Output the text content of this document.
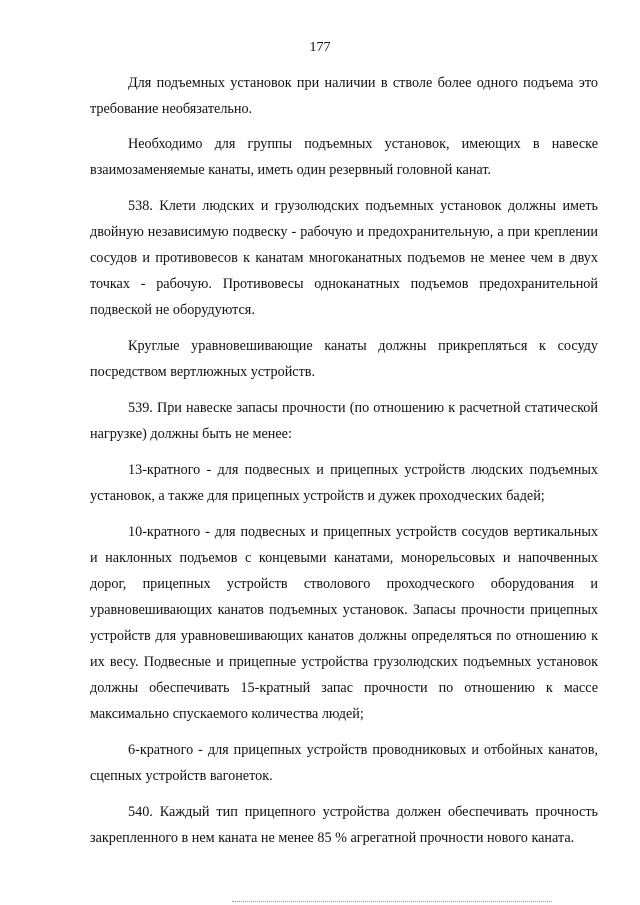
177

Для подъемных установок при наличии в стволе более одного подъема это требование необязательно.

Необходимо для группы подъемных установок, имеющих в навеске взаимозаменяемые канаты, иметь один резервный головной канат.

538. Клети людских и грузолюдских подъемных установок должны иметь двойную независимую подвеску - рабочую и предохранительную, а при креплении сосудов и противовесов к канатам многоканатных подъемов не менее чем в двух точках - рабочую. Противовесы одноканатных подъемов предохранительной подвеской не оборудуются.

Круглые уравновешивающие канаты должны прикрепляться к сосуду посредством вертлюжных устройств.

539. При навеске запасы прочности (по отношению к расчетной статической нагрузке) должны быть не менее:

13-кратного - для подвесных и прицепных устройств людских подъемных установок, а также для прицепных устройств и дужек проходческих бадей;

10-кратного - для подвесных и прицепных устройств сосудов вертикальных и наклонных подъемов с концевыми канатами, монорельсовых и напочвенных дорог, прицепных устройств стволового проходческого оборудования и уравновешивающих канатов подъемных установок. Запасы прочности прицепных устройств для уравновешивающих канатов должны определяться по отношению к их весу. Подвесные и прицепные устройства грузолюдских подъемных установок должны обеспечивать 15-кратный запас прочности по отношению к массе максимально спускаемого количества людей;

6-кратного - для прицепных устройств проводниковых и отбойных канатов, сцепных устройств вагонеток.

540. Каждый тип прицепного устройства должен обеспечивать прочность закрепленного в нем каната не менее 85 % агрегатной прочности нового каната.
